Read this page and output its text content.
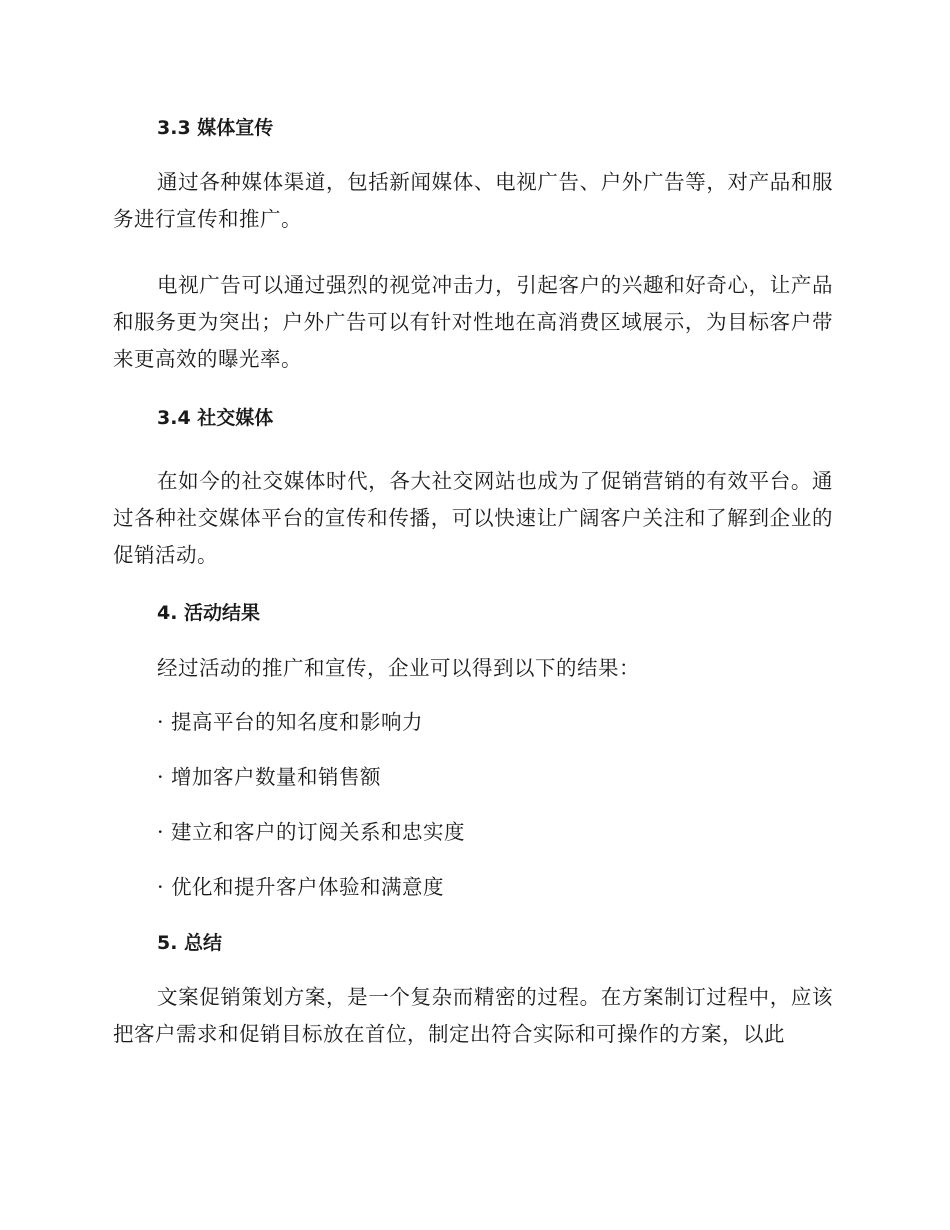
3.3 媒体宣传

通过各种媒体渠道，包括新闻媒体、电视广告、户外广告等，对产品和服务进行宣传和推广。

电视广告可以通过强烈的视觉冲击力，引起客户的兴趣和好奇心，让产品和服务更为突出；户外广告可以有针对性地在高消费区域展示，为目标客户带来更高效的曝光率。

3.4 社交媒体

在如今的社交媒体时代，各大社交网站也成为了促销营销的有效平台。通过各种社交媒体平台的宣传和传播，可以快速让广阔客户关注和了解到企业的促销活动。

4. 活动结果

经过活动的推广和宣传，企业可以得到以下的结果：

· 提高平台的知名度和影响力
· 增加客户数量和销售额
· 建立和客户的订阅关系和忠实度
· 优化和提升客户体验和满意度
5. 总结

文案促销策划方案，是一个复杂而精密的过程。在方案制订过程中，应该把客户需求和促销目标放在首位，制定出符合实际和可操作的方案，以此
